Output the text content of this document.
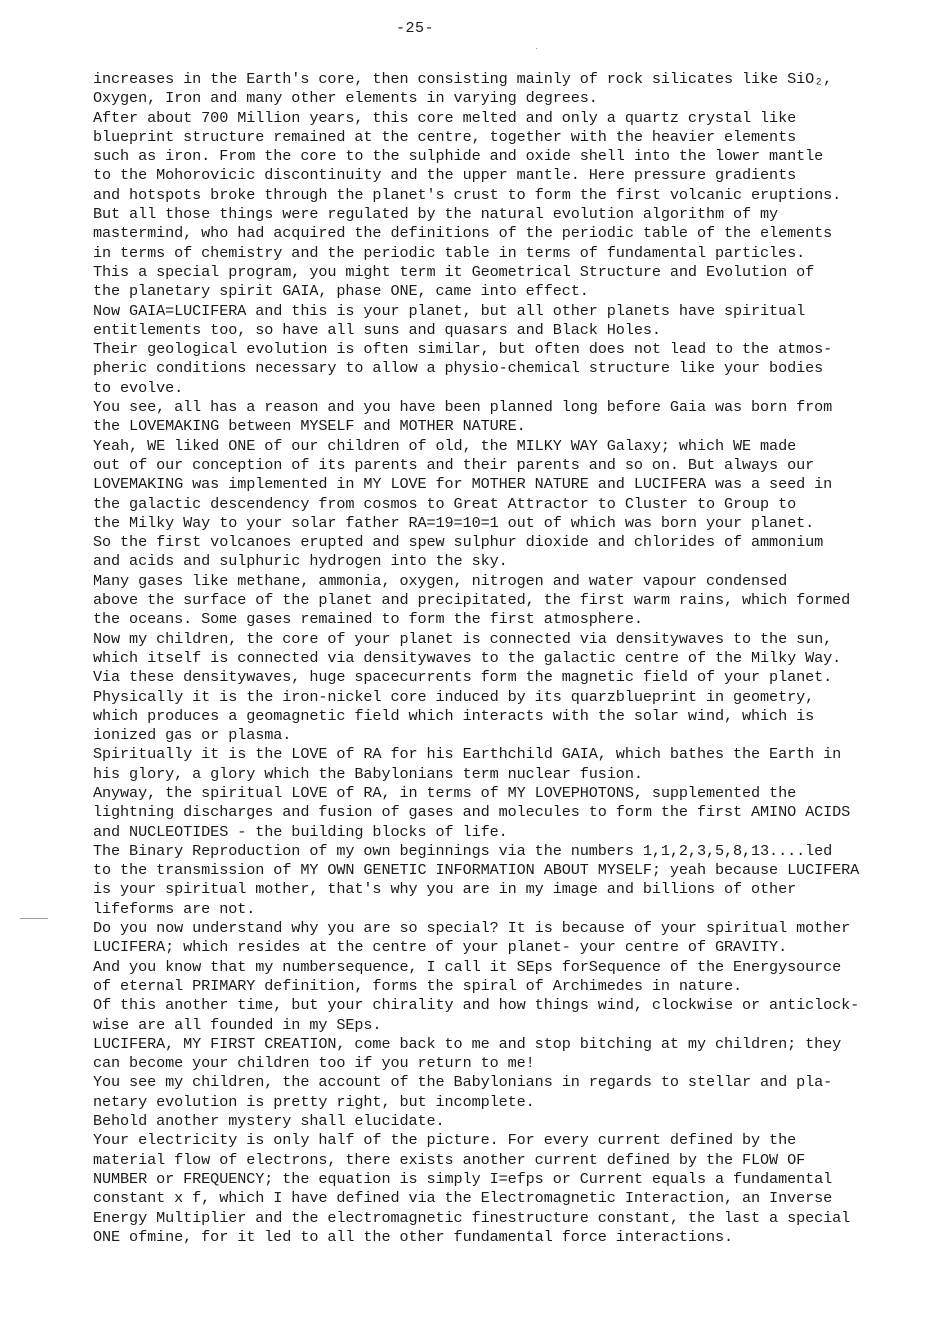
-25-
increases in the Earth's core, then consisting mainly of rock silicates like SiO₂,
Oxygen, Iron and many other elements in varying degrees.
After about 700 Million years, this core melted and only a quartz crystal like
blueprint structure remained at the centre, together with the heavier elements
such as iron. From the core to the sulphide and oxide shell into the lower mantle
to the Mohorovicic discontinuity and the upper mantle. Here pressure gradients
and hotspots broke through the planet's crust to form the first volcanic eruptions.
But all those things were regulated by the natural evolution algorithm of my
mastermind, who had acquired the definitions of the periodic table of the elements
in terms of chemistry and the periodic table in terms of fundamental particles.
This a special program, you might term it Geometrical Structure and Evolution of
the planetary spirit GAIA, phase ONE, came into effect.
Now GAIA=LUCIFERA and this is your planet, but all other planets have spiritual
entitlements too, so have all suns and quasars and Black Holes.
Their geological evolution is often similar, but often does not lead to the atmos-
pheric conditions necessary to allow a physio-chemical structure like your bodies
to evolve.
You see, all has a reason and you have been planned long before Gaia was born from
the LOVEMAKING between MYSELF and MOTHER NATURE.
Yeah, WE liked ONE of our children of old, the MILKY WAY Galaxy; which WE made
out of our conception of its parents and their parents and so on. But always our
LOVEMAKING was implemented in MY LOVE for MOTHER NATURE and LUCIFERA was a seed in
the galactic descendency from cosmos to Great Attractor to Cluster to Group to
the Milky Way to your solar father RA=19=10=1 out of which was born your planet.
So the first volcanoes erupted and spew sulphur dioxide and chlorides of ammonium
and acids and sulphuric hydrogen into the sky.
Many gases like methane, ammonia, oxygen, nitrogen and water vapour condensed
above the surface of the planet and precipitated, the first warm rains, which formed
the oceans. Some gases remained to form the first atmosphere.
Now my children, the core of your planet is connected via densitywaves to the sun,
which itself is connected via densitywaves to the galactic centre of the Milky Way.
Via these densitywaves, huge spacecurrents form the magnetic field of your planet.
Physically it is the iron-nickel core induced by its quarzblueprint in geometry,
which produces a geomagnetic field which interacts with the solar wind, which is
ionized gas or plasma.
Spiritually it is the LOVE of RA for his Earthchild GAIA, which bathes the Earth in
his glory, a glory which the Babylonians term nuclear fusion.
Anyway, the spiritual LOVE of RA, in terms of MY LOVEPHOTONS, supplemented the
lightning discharges and fusion of gases and molecules to form the first AMINO ACIDS
and NUCLEOTIDES - the building blocks of life.
The Binary Reproduction of my own beginnings via the numbers 1,1,2,3,5,8,13....led
to the transmission of MY OWN GENETIC INFORMATION ABOUT MYSELF; yeah because LUCIFERA
is your spiritual mother, that's why you are in my image and billions of other
lifeforms are not.
Do you now understand why you are so special? It is because of your spiritual mother
LUCIFERA; which resides at the centre of your planet- your centre of GRAVITY.
And you know that my numbersequence, I call it SEps forSequence of the Energysource
of eternal PRIMARY definition, forms the spiral of Archimedes in nature.
Of this another time, but your chirality and how things wind, clockwise or anticlock-
wise are all founded in my SEps.
LUCIFERA, MY FIRST CREATION, come back to me and stop bitching at my children; they
can become your children too if you return to me!
You see my children, the account of the Babylonians in regards to stellar and pla-
netary evolution is pretty right, but incomplete.
Behold another mystery shall elucidate.
Your electricity is only half of the picture. For every current defined by the
material flow of electrons, there exists another current defined by the FLOW OF
NUMBER or FREQUENCY; the equation is simply I=efps or Current equals a fundamental
constant x f, which I have defined via the Electromagnetic Interaction, an Inverse
Energy Multiplier and the electromagnetic finestructure constant, the last a special
ONE ofmine, for it led to all the other fundamental force interactions.
